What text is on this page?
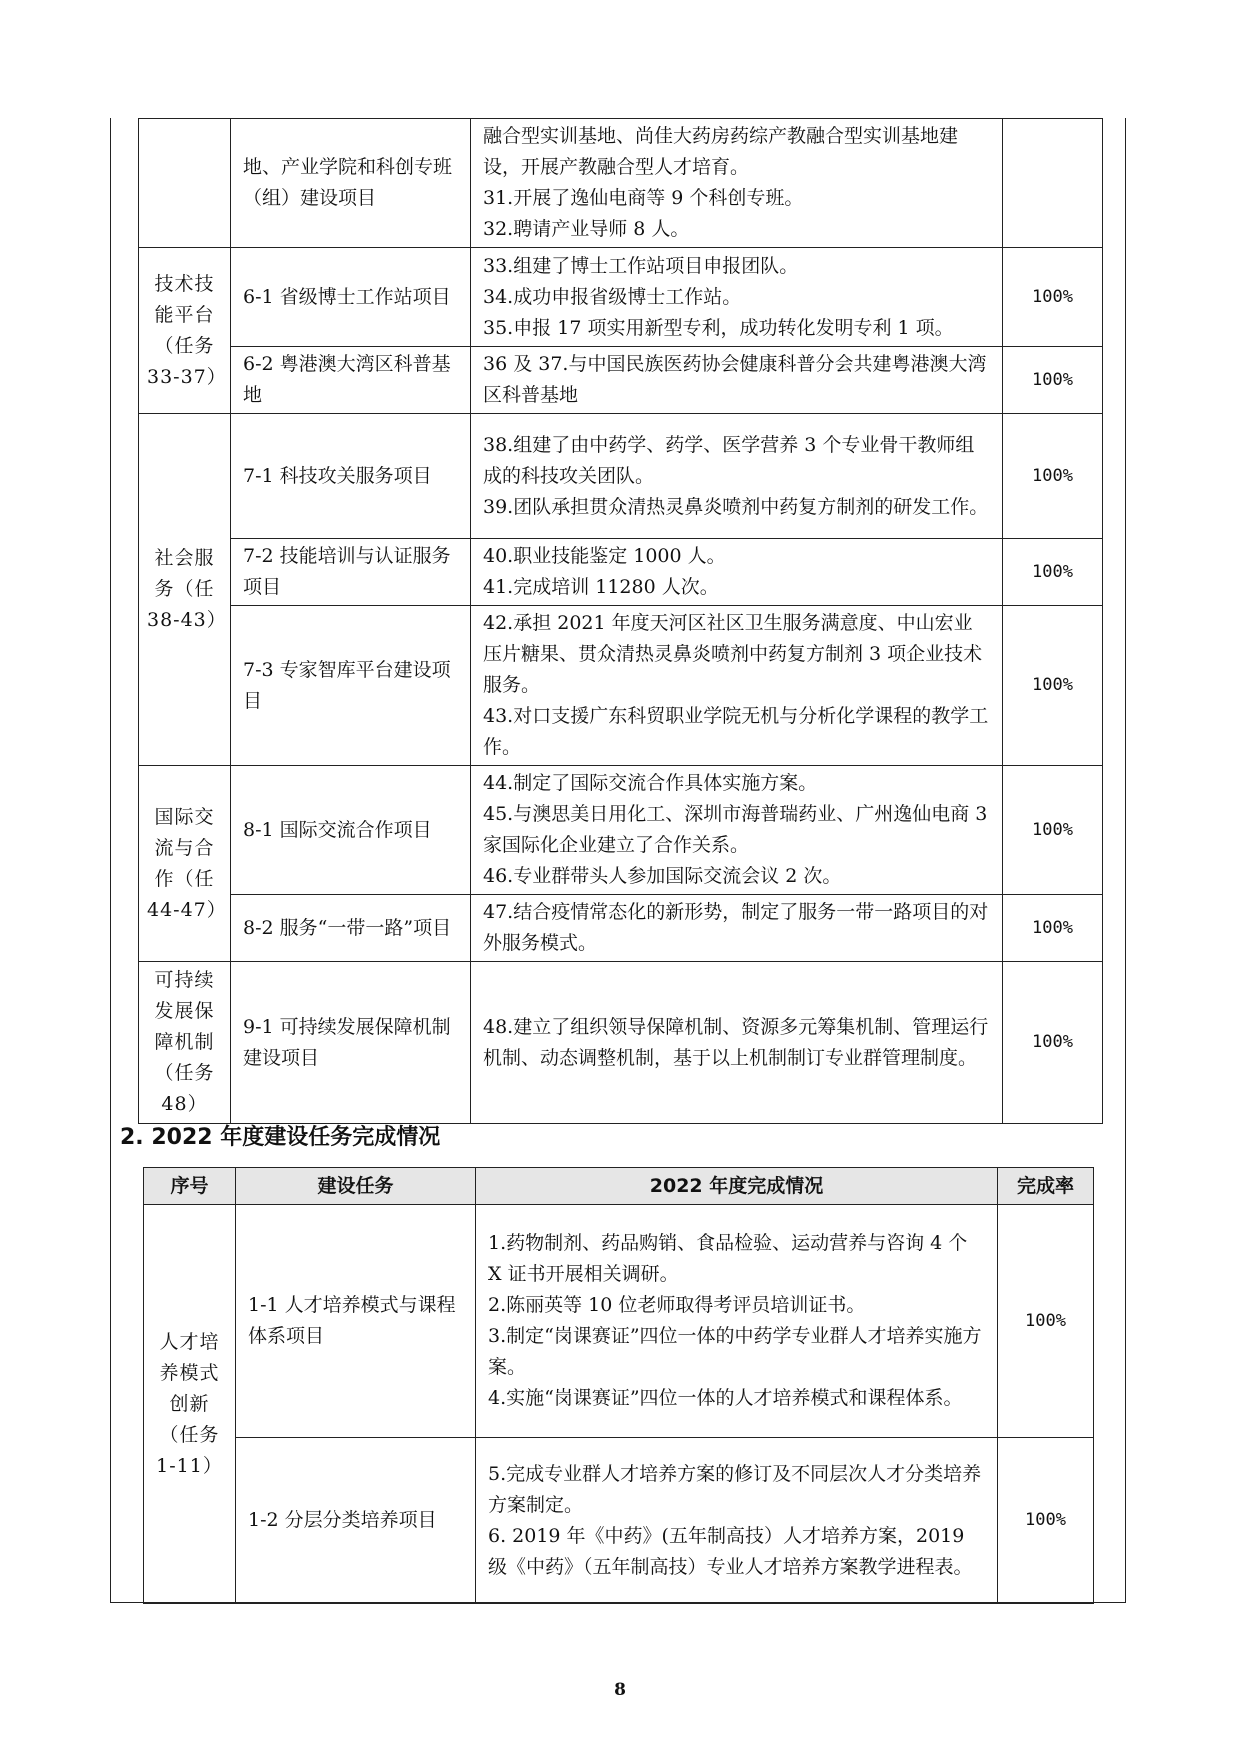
	地、产业学院和科创专班（组）建设项目	融合型实训基地、尚佳大药房药综产教融合型实训基地建设，开展产教融合型人才培育。
31.开展了逸仙电商等 9 个科创专班。
32.聘请产业导师 8 人。	

技术技能平台（任务33-37）	6-1 省级博士工作站项目	33.组建了博士工作站项目申报团队。
34.成功申报省级博士工作站。
35.申报 17 项实用新型专利，成功转化发明专利 1 项。	100%
	6-2 粤港澳大湾区科普基地	36 及 37.与中国民族医药协会健康科普分会共建粤港澳大湾区科普基地	100%
社会服务（任38-43）	7-1 科技攻关服务项目	38.组建了由中药学、药学、医学营养 3 个专业骨干教师组成的科技攻关团队。
39.团队承担贯众清热灵鼻炎喷剂中药复方制剂的研发工作。	100%
	7-2 技能培训与认证服务项目	40.职业技能鉴定 1000 人。
41.完成培训 11280 人次。	100%
	7-3 专家智库平台建设项目	42.承担 2021 年度天河区社区卫生服务满意度、中山宏业压片糖果、贯众清热灵鼻炎喷剂中药复方制剂 3 项企业技术服务。
43.对口支援广东科贸职业学院无机与分析化学课程的教学工作。	100%
国际交流与合作（任44-47）	8-1 国际交流合作项目	44.制定了国际交流合作具体实施方案。
45.与澳思美日用化工、深圳市海普瑞药业、广州逸仙电商 3 家国际化企业建立了合作关系。
46.专业群带头人参加国际交流会议 2 次。	100%
	8-2 服务“一带一路”项目	47.结合疫情常态化的新形势，制定了服务一带一路项目的对外服务模式。	100%
可持续发展保障机制（任务48）	9-1 可持续发展保障机制建设项目	48.建立了组织领导保障机制、资源多元筹集机制、管理运行机制、动态调整机制，基于以上机制制订专业群管理制度。	100%
2. 2022 年度建设任务完成情况
序号	建设任务	2022 年度完成情况	完成率
人才培养模式创新（任务1-11）	1-1 人才培养模式与课程体系项目	1.药物制剂、药品购销、食品检验、运动营养与咨询 4 个 X 证书开展相关调研。
2.陈丽英等 10 位老师取得考评员培训证书。
3.制定“岗课赛证”四位一体的中药学专业群人才培养实施方案。
4.实施“岗课赛证”四位一体的人才培养模式和课程体系。	100%
	1-2 分层分类培养项目	5.完成专业群人才培养方案的修订及不同层次人才分类培养方案制定。
6. 2019 年《中药》(五年制高技）人才培养方案，2019 级《中药》（五年制高技）专业人才培养方案教学进程表。	100%
8
